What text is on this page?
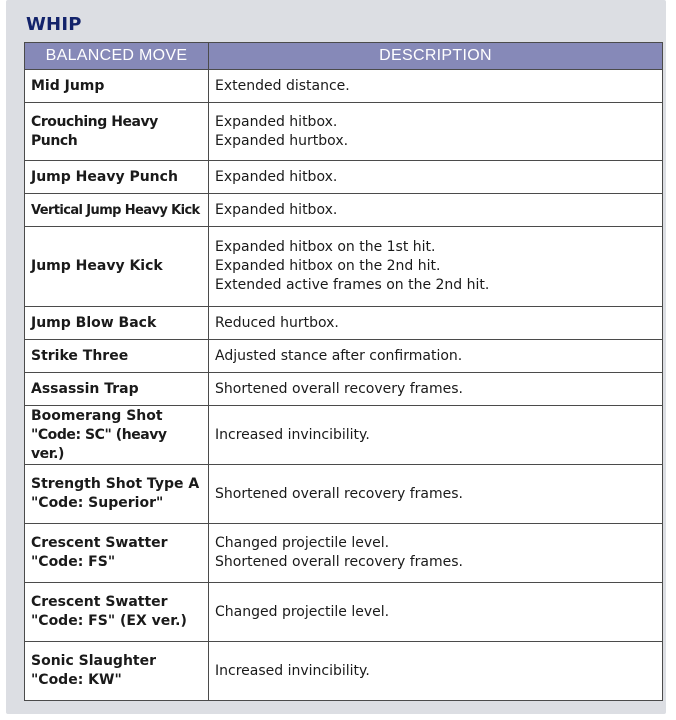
WHIP
BALANCED MOVE	DESCRIPTION

Mid Jump	Extended distance.

Crouching Heavy Punch	Expanded hitbox.
Expanded hurtbox.

Jump Heavy Punch	Expanded hitbox.

Vertical Jump Heavy Kick	Expanded hitbox.

Jump Heavy Kick	Expanded hitbox on the 1st hit.
Expanded hitbox on the 2nd hit.
Extended active frames on the 2nd hit.

Jump Blow Back	Reduced hurtbox.

Strike Three	Adjusted stance after confirmation.

Assassin Trap	Shortened overall recovery frames.

Boomerang Shot
"Code: SC" (heavy ver.)	Increased invincibility.

Strength Shot Type A
"Code: Superior"	Shortened overall recovery frames.

Crescent Swatter
"Code: FS"	Changed projectile level.
Shortened overall recovery frames.

Crescent Swatter
"Code: FS" (EX ver.)	Changed projectile level.

Sonic Slaughter
"Code: KW"	Increased invincibility.
